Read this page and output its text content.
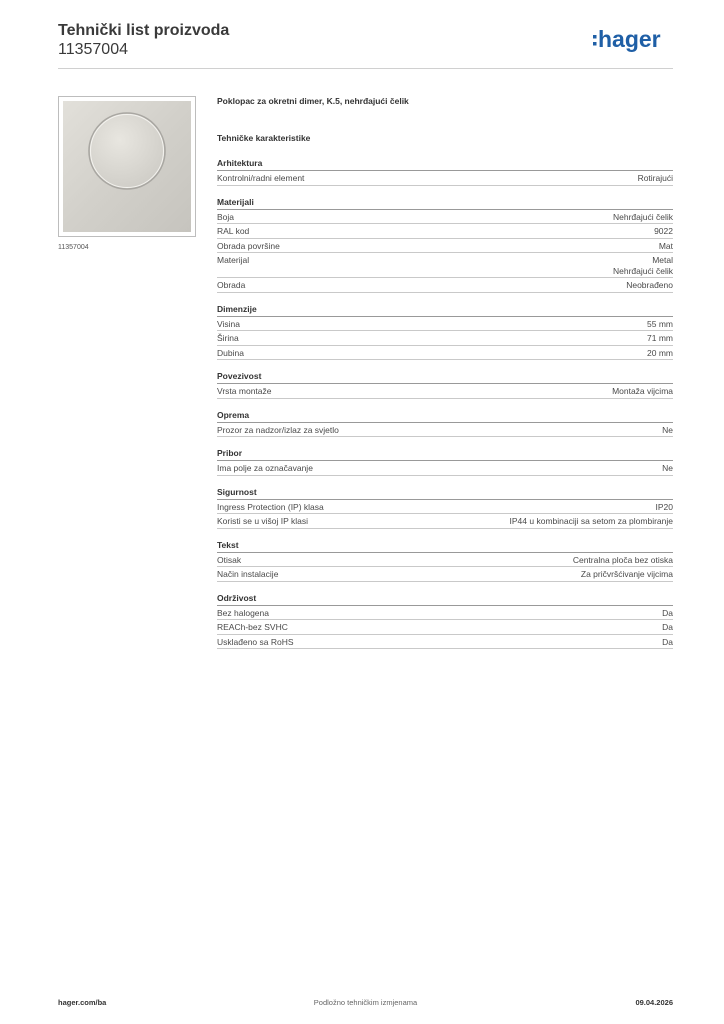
Tehnički list proizvoda
11357004	hager
11357004
Poklopac za okretni dimer, K.5, nehrđajući čelik
Tehničke karakteristike
Arhitektura
Kontrolni/radni element	Rotirajući
Materijali
Boja	Nehrđajući čelik
RAL kod	9022
Obrada površine	Mat
Materijal	Metal
Nehrđajući čelik
Obrada	Neobrađeno
Dimenzije
Visina	55 mm
Širina	71 mm
Dubina	20 mm
Povezivost
Vrsta montaže	Montaža vijcima
Oprema
Prozor za nadzor/izlaz za svjetlo	Ne
Pribor
Ima polje za označavanje	Ne
Sigurnost
Ingress Protection (IP) klasa	IP20
Koristi se u višoj IP klasi	IP44 u kombinaciji sa setom za plombiranje
Tekst
Otisak	Centralna ploča bez otiska
Način instalacije	Za pričvršćivanje vijcima
Održivost
Bez halogena	Da
REACh-bez SVHC	Da
Usklađeno sa RoHS	Da
hager.com/ba	Podložno tehničkim izmjenama	09.04.2026
